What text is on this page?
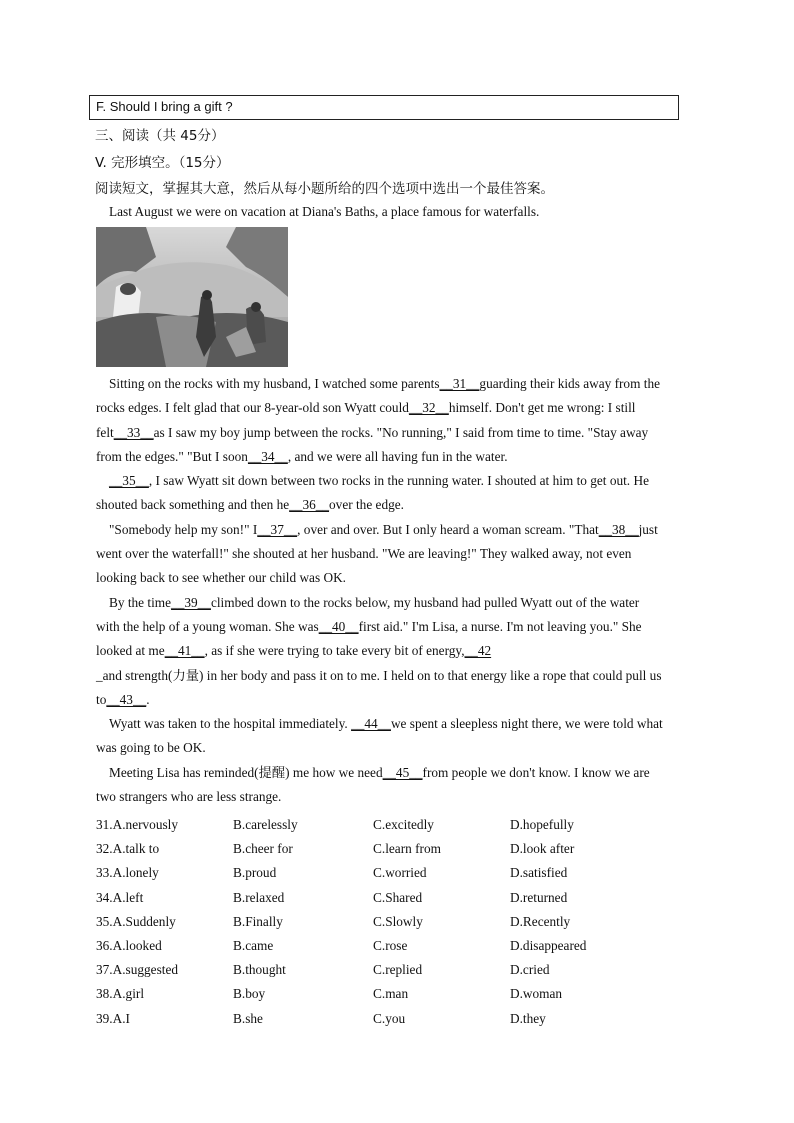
F. Should I bring a gift ?
三、阅读（共 45分）
V. 完形填空。（15分）
阅读短文，掌握其大意，然后从每小题所给的四个选项中选出一个最佳答案。
Last August we were on vacation at Diana's Baths, a place famous for waterfalls.
Sitting on the rocks with my husband, I watched some parents__31__guarding their kids away from the
rocks edges. I felt glad that our 8-year-old son Wyatt could__32__himself. Don't get me wrong: I still
felt__33__as I saw my boy jump between the rocks. "No running," I said from time to time. "Stay away
from the edges." "But I soon__34__, and we were all having fun in the water.
__35__, I saw Wyatt sit down between two rocks in the running water. I shouted at him to get out. He
shouted back something and then he__36__over the edge.
"Somebody help my son!" I__37__, over and over. But I only heard a woman scream. "That__38__just
went over the waterfall!" she shouted at her husband. "We are leaving!" They walked away, not even
looking back to see whether our child was OK.
By the time__39__climbed down to the rocks below, my husband had pulled Wyatt out of the water
with the help of a young woman. She was__40__first aid." I'm Lisa, a nurse. I'm not leaving you." She
looked at me__41__, as if she were trying to take every bit of energy,__42
_and strength(力量) in her body and pass it on to me. I held on to that energy like a rope that could pull us
to__43__.
Wyatt was taken to the hospital immediately. __44__we spent a sleepless night there, we were told what
was going to be OK.
Meeting Lisa has reminded(提醒) me how we need__45__from people we don't know. I know we are
two strangers who are less strange.
31.A.nervously	B.carelessly	C.excitedly	D.hopefully
32.A.talk to	B.cheer for	C.learn from	D.look after
33.A.lonely	B.proud	C.worried	D.satisfied
34.A.left	B.relaxed	C.Shared	D.returned
35.A.Suddenly	B.Finally	C.Slowly	D.Recently
36.A.looked	B.came	C.rose	D.disappeared
37.A.suggested	B.thought	C.replied	D.cried
38.A.girl	B.boy	C.man	D.woman
39.A.I	B.she	C.you	D.they
